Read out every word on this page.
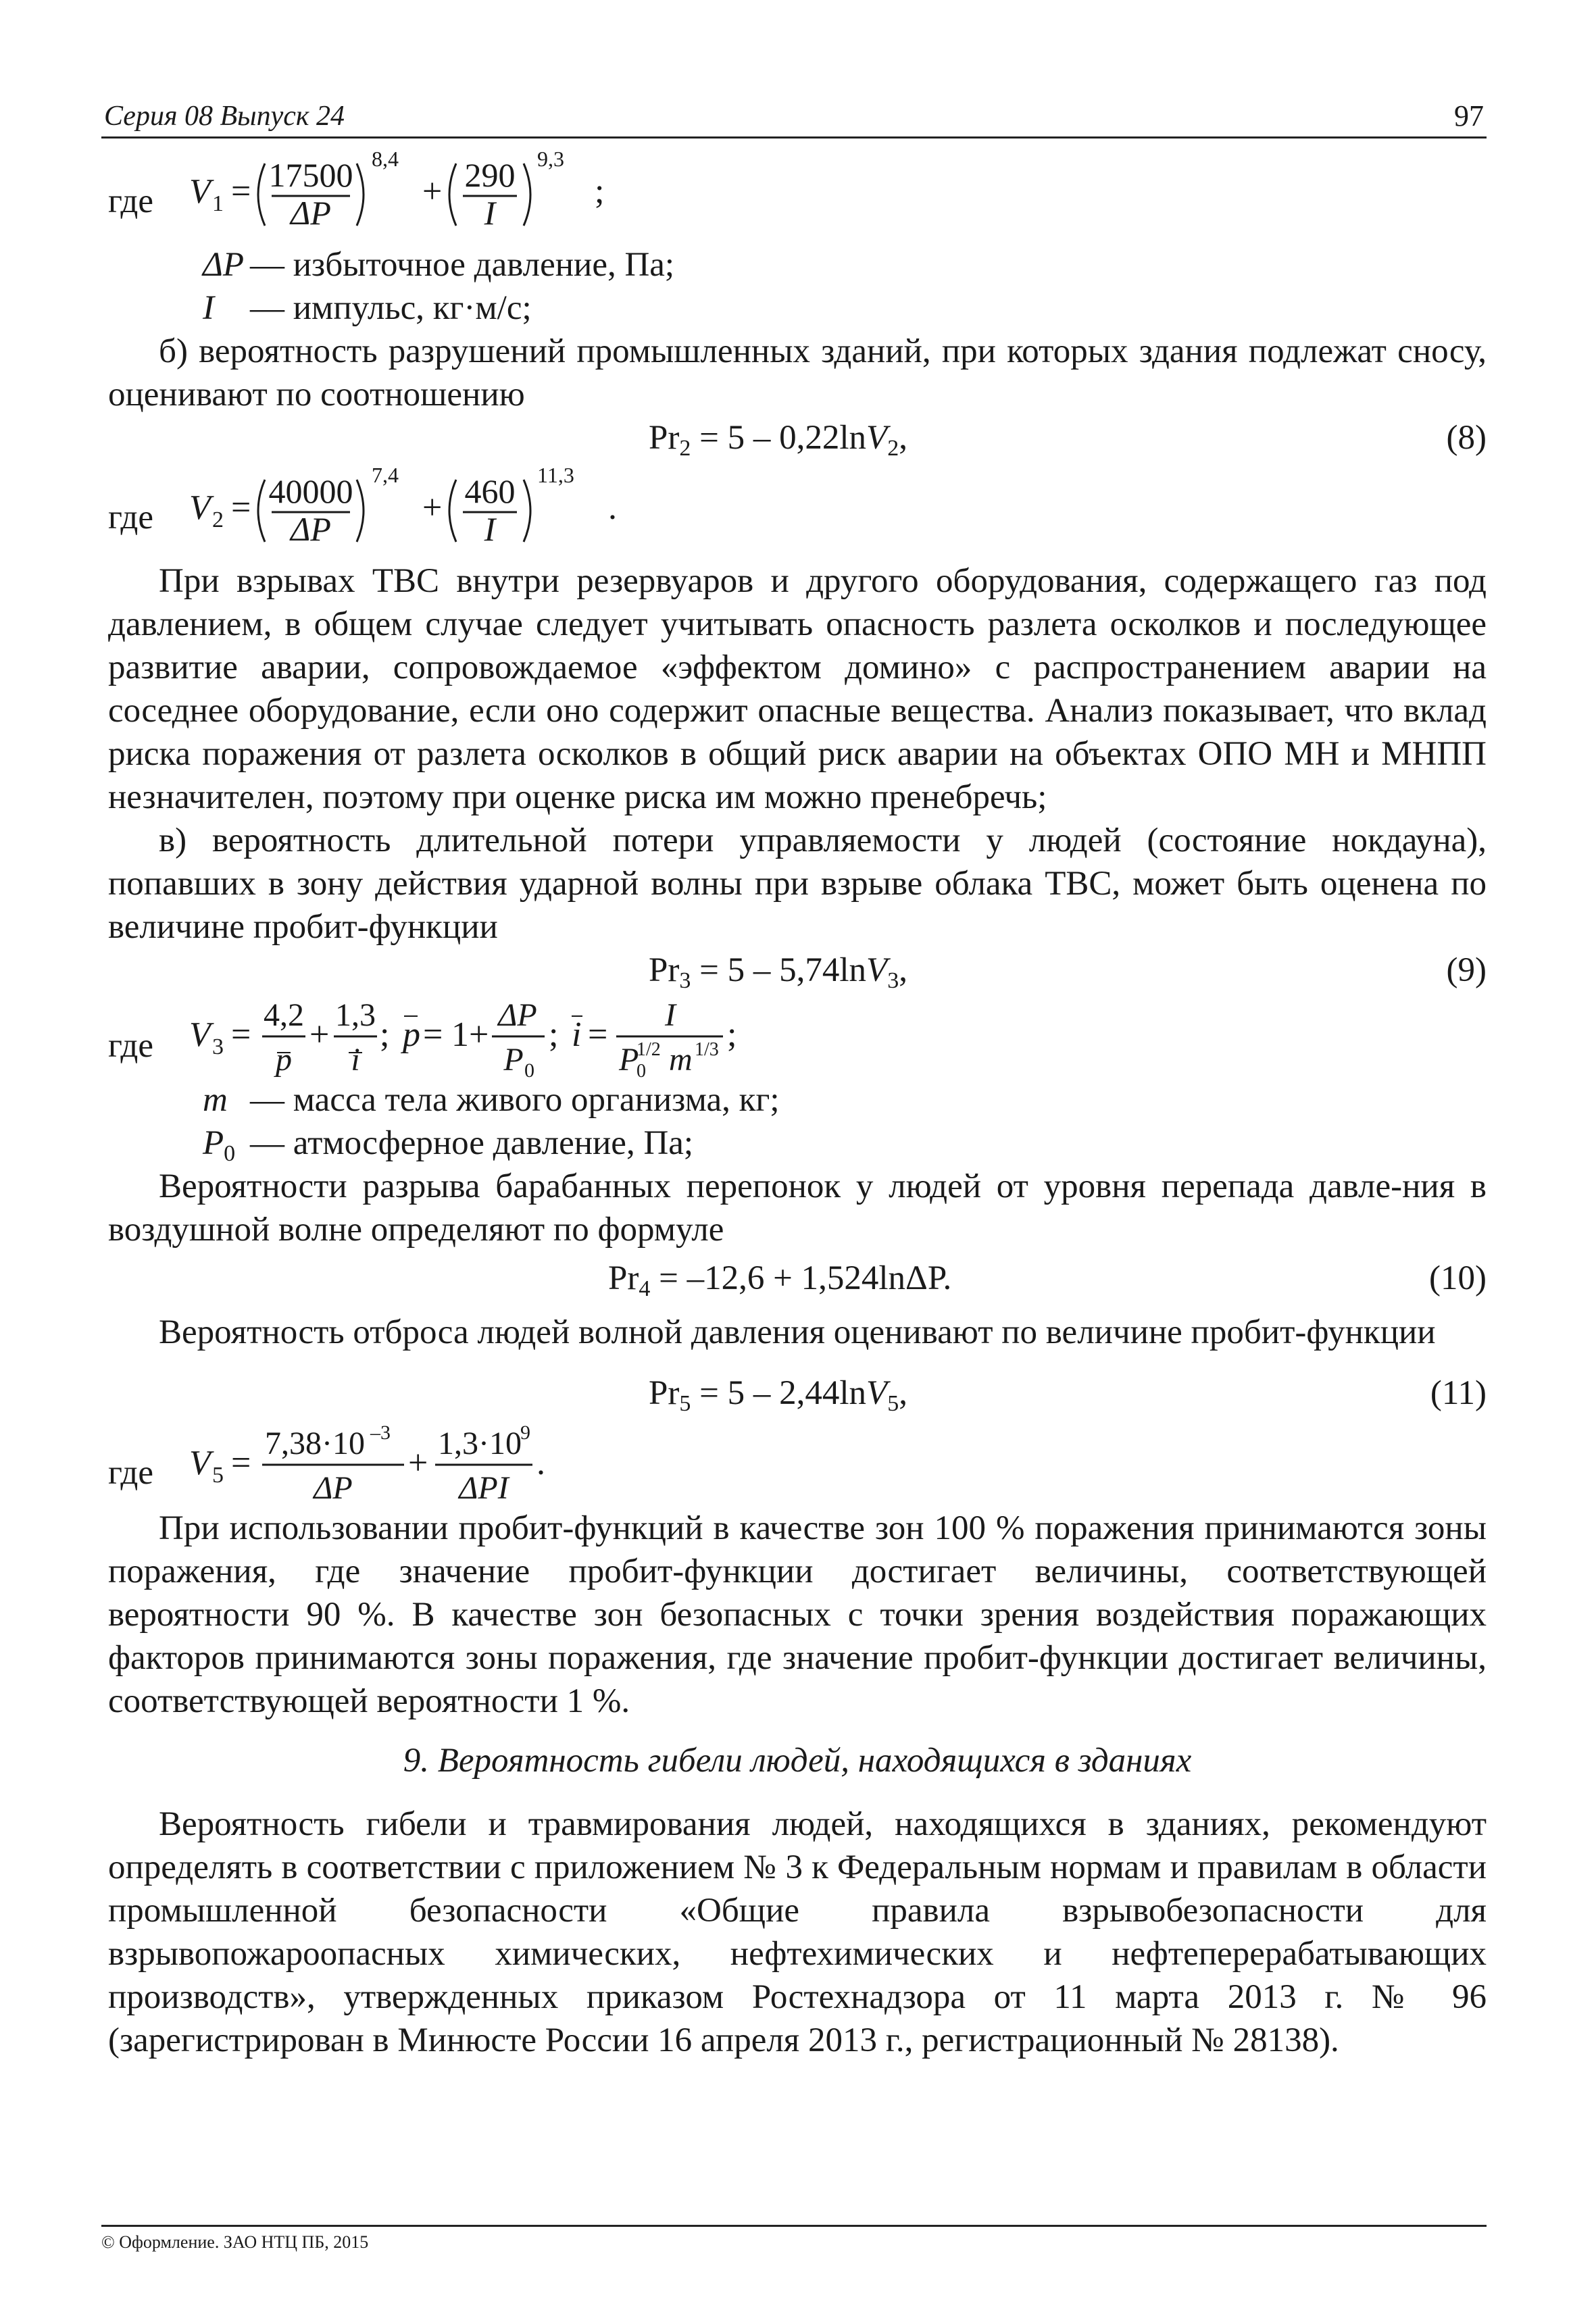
Серия 08 Выпуск 24	97
где V 1 = 17500
ΔP
8,4
+ 290
I
9,3
;

ΔP — избыточное давление, Па;

I — импульс, кг·м/с;

б) вероятность разрушений промышленных зданий, при которых здания подлежат сносу, оценивают по соотношению

$Pr_2 = 5 - 0,22\ln V_2$,	(8)
где V 2 = 40000
ΔP
7,4
+ 460
I
11,3
.

При взрывах ТВС внутри резервуаров и другого оборудования, содержащего газ под давлением, в общем случае следует учитывать опасность разлета осколков и последующее развитие аварии, сопровождаемое «эффектом домино» с распространением аварии на соседнее оборудование, если оно содержит опасные вещества. Анализ показывает, что вклад риска поражения от разлета осколков в общий риск аварии на объектах ОПО МН и МНПП незначителен, поэтому при оценке риска им можно пренебречь;

в) вероятность длительной потери управляемости у людей (состояние нокдауна), попавших в зону действия ударной волны при взрыве облака ТВС, может быть оценена по величине пробит-функции

$Pr_3 = 5 - 5,74\ln V_3$,	(9)
где V 3 =
4,2
p
+
1,3
i
; p = 1+
ΔP
P 0
; i =
I
P
0
1/2 m 1/3 ;

m — масса тела живого организма, кг;

$P_0$ — атмосферное давление, Па;

Вероятности разрыва барабанных перепонок у людей от уровня перепада давле-ния в воздушной волне определяют по формуле

$Pr_4 = -12,6 + 1,524\ln\Delta P$.	(10)

Вероятность отброса людей волной давления оценивают по величине пробит-функции

$Pr_5 = 5 - 2,44\ln V_5$,	(11)
где V 5 =
7,38·10 –3
ΔP
+
1,3·10
9
ΔPI
.

При использовании пробит-функций в качестве зон 100 % поражения принимаются зоны поражения, где значение пробит-функции достигает величины, соответствующей вероятности 90 %. В качестве зон безопасных с точки зрения воздействия поражающих факторов принимаются зоны поражения, где значение пробит-функции достигает величины, соответствующей вероятности 1 %.

9. Вероятность гибели людей, находящихся в зданиях

Вероятность гибели и травмирования людей, находящихся в зданиях, рекомендуют определять в соответствии с приложением № 3 к Федеральным нормам и правилам в области промышленной безопасности «Общие правила взрывобезопасности для взрывопожароопасных химических, нефтехимических и нефтеперерабатывающих производств», утвержденных приказом Ростехнадзора от 11 марта 2013 г. № 96 (зарегистрирован в Минюсте России 16 апреля 2013 г., регистрационный № 28138).

© Оформление. ЗАО НТЦ ПБ, 2015
